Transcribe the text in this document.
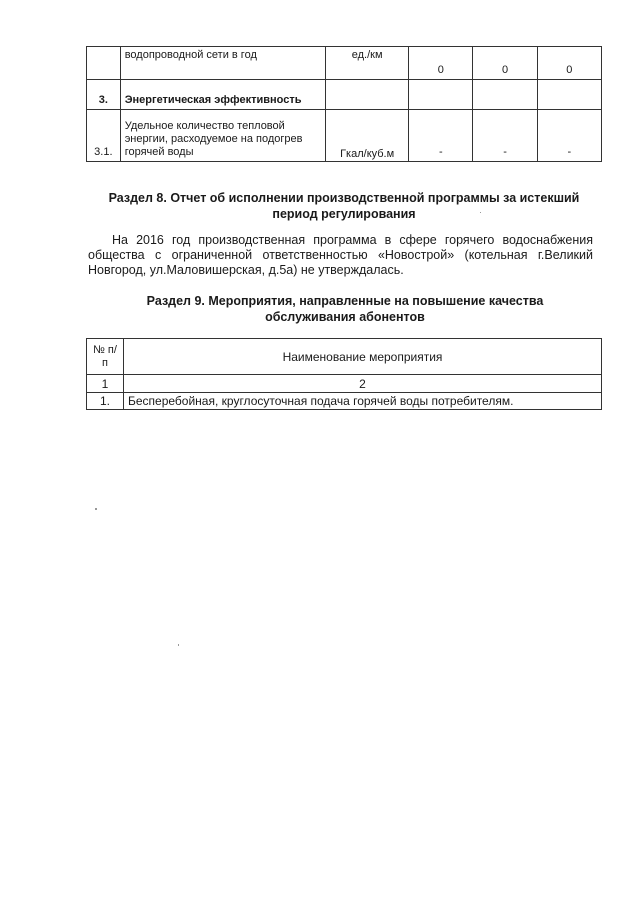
	водопроводной сети в год	ед./км	0	0	0
3.	Энергетическая эффективность				
3.1.	Удельное количество тепловой энергии, расходуемое на подогрев горячей воды	Гкал/куб.м	-	-	-
Раздел 8. Отчет об исполнении производственной программы за истекший период регулирования
На 2016 год производственная программа в сфере горячего водоснабжения общества с ограниченной ответственностью «Новострой» (котельная г.Великий Новгород, ул.Маловишерская, д.5а) не утверждалась.
Раздел 9. Мероприятия, направленные на повышение качества обслуживания абонентов
№ п/п	Наименование мероприятия
1	2
1.	Бесперебойная, круглосуточная подача горячей воды потребителям.
